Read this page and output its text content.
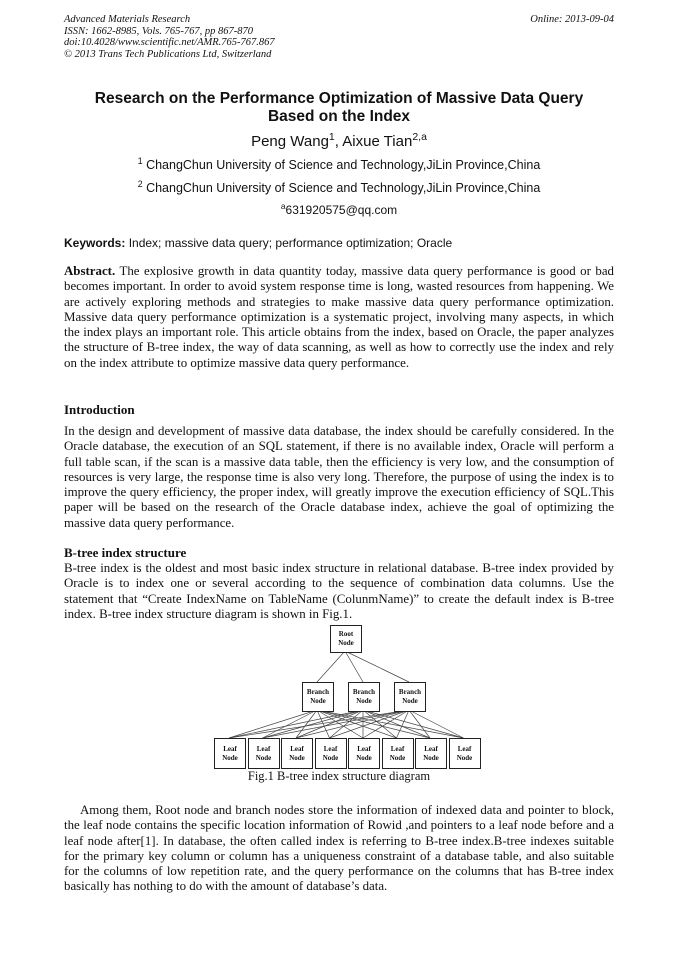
Advanced Materials Research
ISSN: 1662-8985, Vols. 765-767, pp 867-870
doi:10.4028/www.scientific.net/AMR.765-767.867
© 2013 Trans Tech Publications Ltd, Switzerland
Online: 2013-09-04
Research on the Performance Optimization of Massive Data Query
Based on the Index
Peng Wang$^1$, Aixue Tian$^{2,a}$
$^1$ ChangChun University of Science and Technology,JiLin Province,China
$^2$ ChangChun University of Science and Technology,JiLin Province,China
$^a$631920575@qq.com
Keywords: Index; massive data query; performance optimization; Oracle

Abstract. The explosive growth in data quantity today, massive data query performance is good or bad becomes important. In order to avoid system response time is long, wasted resources from happening. We are actively exploring methods and strategies to make massive data query performance optimization. Massive data query performance optimization is a systematic project, involving many aspects, in which the index plays an important role. This article obtains from the index, based on Oracle, the paper analyzes the structure of B-tree index, the way of data scanning, as well as how to correctly use the index and rely on the index attribute to optimize massive data query performance.

Introduction

In the design and development of massive data database, the index should be carefully considered. In the Oracle database, the execution of an SQL statement, if there is no available index, Oracle will perform a full table scan, if the scan is a massive data table, then the efficiency is very low, and the consumption of resources is very large, the response time is also very long. Therefore, the purpose of using the index is to improve the query efficiency, the proper index, will greatly improve the execution efficiency of SQL.This paper will be based on the research of the Oracle database index, achieve the goal of optimizing the massive data query performance.

B-tree index structure

B-tree index is the oldest and most basic index structure in relational database. B-tree index provided by Oracle is to index one or several according to the sequence of combination data columns. Use the statement that “Create IndexName on TableName (ColunmName)” to create the default index is B-tree index. B-tree index structure diagram is shown in Fig.1.

Root
Node
Branch
Node
Branch
Node
Branch
Node
Leaf
Node
Leaf
Node
Leaf
Node
Leaf
Node
Leaf
Node
Leaf
Node
Leaf
Node
Leaf
Node
Fig.1 B-tree index structure diagram

Among them, Root node and branch nodes store the information of indexed data and pointer to block, the leaf node contains the specific location information of Rowid ,and pointers to a leaf node before and a leaf node after[1]. In database, the often called index is referring to B-tree index.B-tree indexes suitable for the primary key column or column has a uniqueness constraint of a database table, and also suitable for the columns of low repetition rate, and the query performance on the columns that has B-tree index basically has nothing to do with the amount of database’s data.
